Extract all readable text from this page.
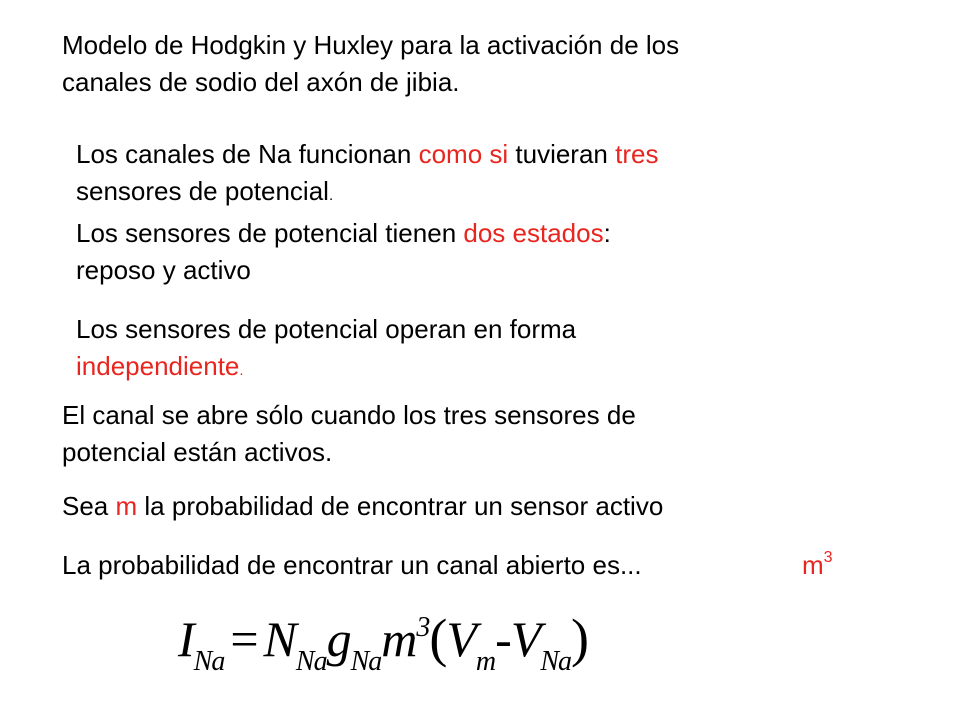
Modelo de Hodgkin y Huxley para la activación de los
canales de sodio del axón de jibia.
Los canales de Na funcionan como si tuvieran tres
sensores de potencial.
Los sensores de potencial tienen dos estados:
reposo y activo
Los sensores de potencial operan en forma
independiente.
El canal se abre sólo cuando los tres sensores de
potencial están activos.
Sea m la probabilidad de encontrar un sensor activo
La probabilidad de encontrar un canal abierto es...	$m^3$
$I_{Na} = N_{Na}g_{Na}m^3(V_m-V_{Na})$
